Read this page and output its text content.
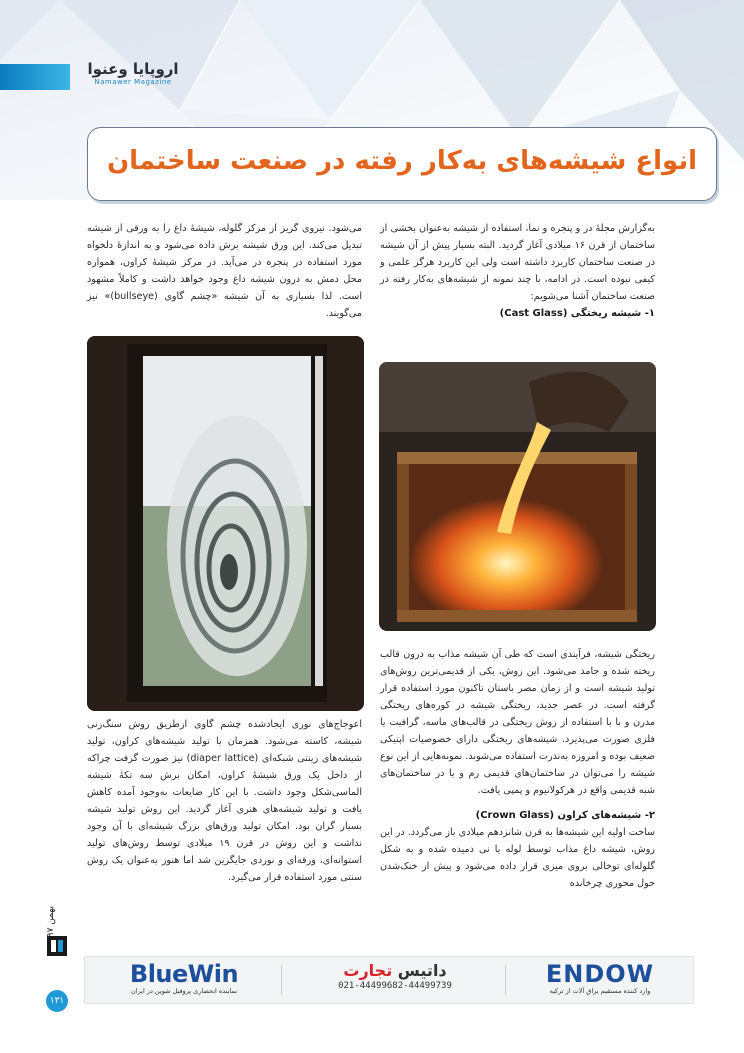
اروپایا وعنوا
Namawer Magazine
انواع شیشه‌های به‌کار رفته در صنعت ساختمان

به‌گزارش مجلهٔ در و پنجره و نما، استفاده از شیشه به‌عنوان بخشی از ساختمان از قرن ۱۶ میلادی آغاز گردید. البته بسیار پیش از آن شیشه در صنعت ساختمان کاربرد داشته است ولی این کاربرد هرگز علمی و کیفی نبوده است. در ادامه، با چند نمونه از شیشه‌های به‌کار رفته در صنعت ساختمان آشنا می‌شویم:

۱- شیشه ریختگی (Cast Glass)

می‌شود. نیروی گریز از مرکز گلوله، شیشهٔ داغ را به ورقی از شیشه تبدیل می‌کند. این ورق شیشه برش داده می‌شود و به اندازهٔ دلخواه مورد استفاده در پنجره در می‌آید. در مرکز شیشهٔ کراون، همواره محل دمش به درون شیشه داغ وجود خواهد داشت و کاملاً مشهود است. لذا بسیاری به آن شیشه «چشم گاوی (bullseye)» نیز می‌گویند.

ریختگی شیشه، فرآیندی است که طی آن شیشه مذاب به درون قالب ریخته شده و جامد می‌شود. این روش، یکی از قدیمی‌ترین روش‌های تولید شیشه است و از زمان مصر باستان تاکنون مورد استفاده قرار گرفته است. در عصر جدید، ریختگی شیشه در کوره‌های ریختگی مدرن و با با استفاده از روش ریختگی در قالب‌های ماسه، گرافیت یا فلزی صورت می‌پذیرد. شیشه‌های ریختگی دارای خصوصیات اپتیکی ضعیف بوده و امروزه به‌ندرت استفاده می‌شوند. نمونه‌هایی از این نوع شیشه را می‌توان در ساختمان‌های قدیمی رم و یا در ساختمان‌های شبه قدیمی واقع در هرکولانیوم و پمپی یافت.

۲- شیشه‌های کراون (Crown Glass)

ساخت اولیه این شیشه‌ها به قرن شانزدهم میلادی باز می‌گردد. در این روش، شیشه داغ مذاب توسط لوله یا نی دمیده شده و به شکل گلوله‌ای توخالی بروی میزی قرار داده می‌شود و پیش از خنک‌شدن حول محوری چرخانده

اعوجاج‌های نوری ایجادشده چشم گاوی ازطریق روش سنگ‌زنی شیشه، کاسته می‌شود. همزمان با تولید شیشه‌های کراون، تولید شیشه‌های زینتی شبکه‌ای (diaper lattice) نیز صورت گرفت چراکه از داخل یک ورق شیشهٔ کراون، امکان برش سه تکهٔ شیشه الماسی‌شکل وجود داشت. با این کار ضایعات به‌وجود آمده کاهش یافت و تولید شیشه‌های هنری آغاز گردید. این روش تولید شیشه بسیار گران بود. امکان تولید ورق‌های بزرگ شیشه‌ای با آن وجود نداشت و این روش در قرن ۱۹ میلادی توسط روش‌های تولید استوانه‌ای، ورقه‌ای و نوردی جایگزین شد اما هنوز به‌عنوان یک روش سنتی مورد استفاده قرار می‌گیرد.

بهمن ۹۷
۱۳۱
BlueWin
نماینده انحصاری پروفیل شوین در ایران
داتیس تجارت
021-44499682-44499739	ENDOW
وارد کننده مستقیم یراق آلات از ترکیه
